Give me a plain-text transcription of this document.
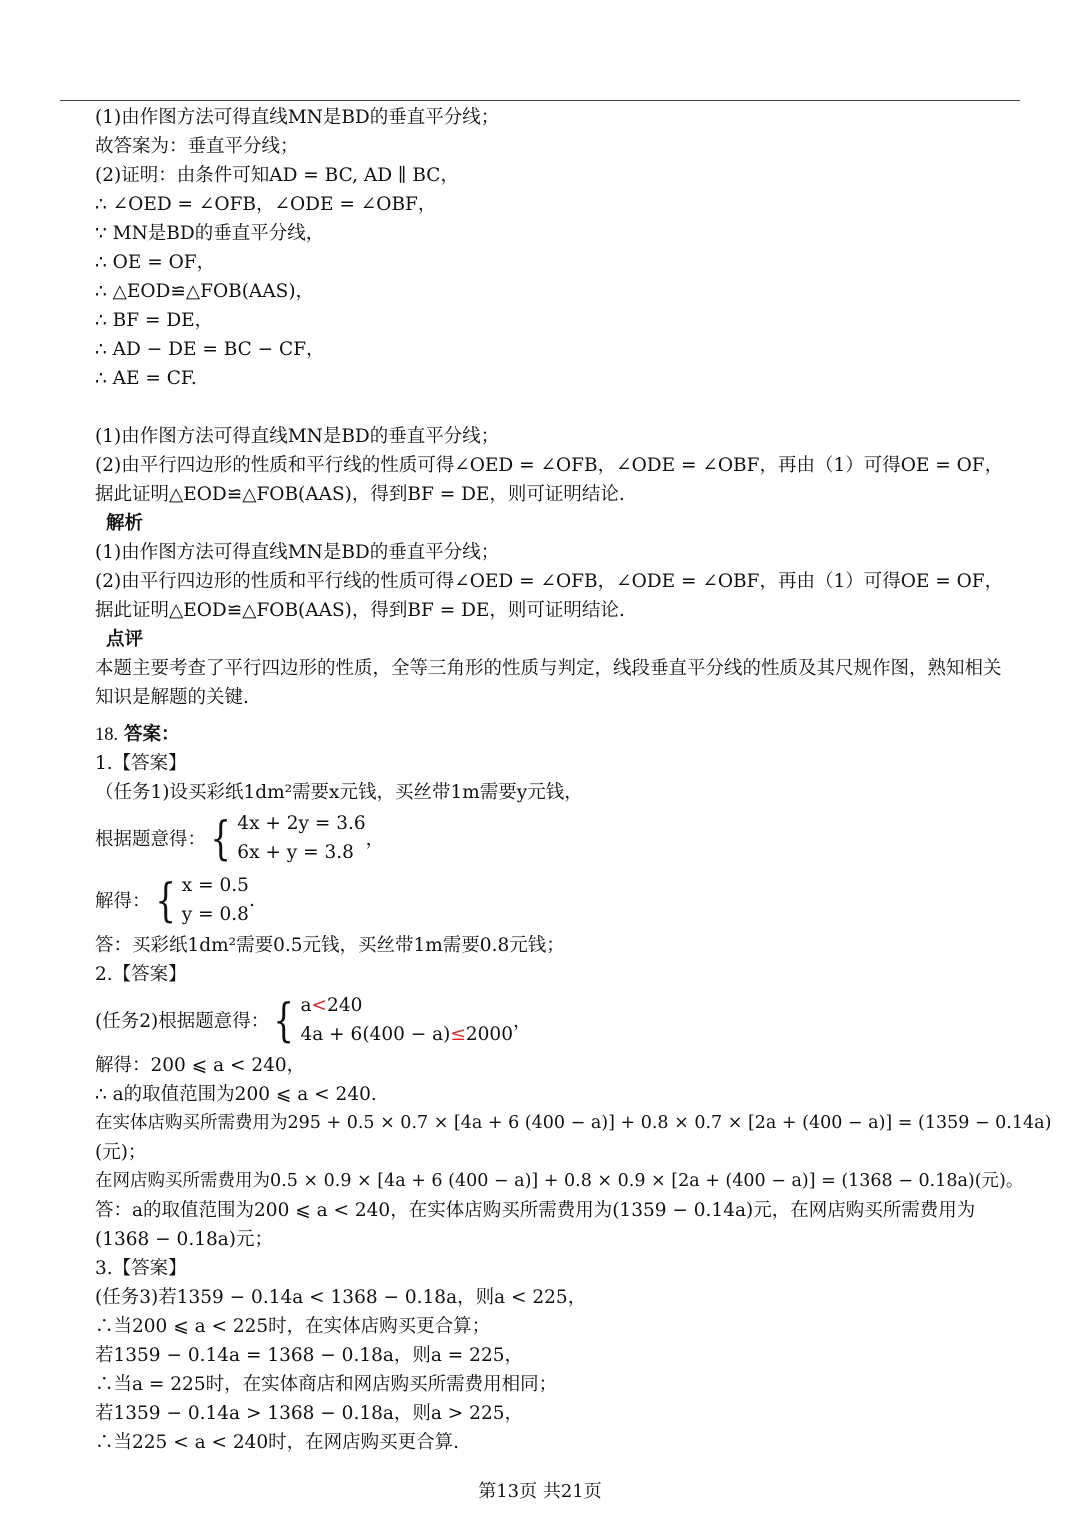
(1)由作图方法可得直线MN是BD的垂直平分线；
故答案为：垂直平分线；
(2)证明：由条件可知AD = BC, AD ∥ BC，
∴ ∠OED = ∠OFB，∠ODE = ∠OBF，
∵ MN是BD的垂直平分线，
∴ OE = OF，
∴ △EOD≌△FOB(AAS)，
∴ BF = DE，
∴ AD − DE = BC − CF，
∴ AE = CF.
(1)由作图方法可得直线MN是BD的垂直平分线；
(2)由平行四边形的性质和平行线的性质可得∠OED = ∠OFB，∠ODE = ∠OBF，再由（1）可得OE = OF，
据此证明△EOD≌△FOB(AAS)，得到BF = DE，则可证明结论.
解析
(1)由作图方法可得直线MN是BD的垂直平分线；
(2)由平行四边形的性质和平行线的性质可得∠OED = ∠OFB，∠ODE = ∠OBF，再由（1）可得OE = OF，
据此证明△EOD≌△FOB(AAS)，得到BF = DE，则可证明结论.
点评
本题主要考查了平行四边形的性质，全等三角形的性质与判定，线段垂直平分线的性质及其尺规作图，熟知相关
知识是解题的关键.
18. 答案：
1.【答案】
（任务1)设买彩纸1dm²需要x元钱，买丝带1m需要y元钱，
根据题意得： { 4x + 2y = 3.6
6x + y = 3.8
，
解得： { x = 0.5
y = 0.8
.
答：买彩纸1dm²需要0.5元钱，买丝带1m需要0.8元钱；
2.【答案】
(任务2)根据题意得： { a<240
4a + 6(400 − a)≤2000
，
解得：200 ⩽ a < 240，
∴ a的取值范围为200 ⩽ a < 240.
在实体店购买所需费用为295 + 0.5 × 0.7 × [4a + 6 (400 − a)] + 0.8 × 0.7 × [2a + (400 − a)] = (1359 − 0.14a)
(元)；
在网店购买所需费用为0.5 × 0.9 × [4a + 6 (400 − a)] + 0.8 × 0.9 × [2a + (400 − a)] = (1368 − 0.18a)(元)。
答：a的取值范围为200 ⩽ a < 240，在实体店购买所需费用为(1359 − 0.14a)元，在网店购买所需费用为
(1368 − 0.18a)元；
3.【答案】
(任务3)若1359 − 0.14a < 1368 − 0.18a，则a < 225，
∴当200 ⩽ a < 225时，在实体店购买更合算；
若1359 − 0.14a = 1368 − 0.18a，则a = 225，
∴当a = 225时，在实体商店和网店购买所需费用相同；
若1359 − 0.14a > 1368 − 0.18a，则a > 225，
∴当225 < a < 240时，在网店购买更合算.
第13页 共21页
